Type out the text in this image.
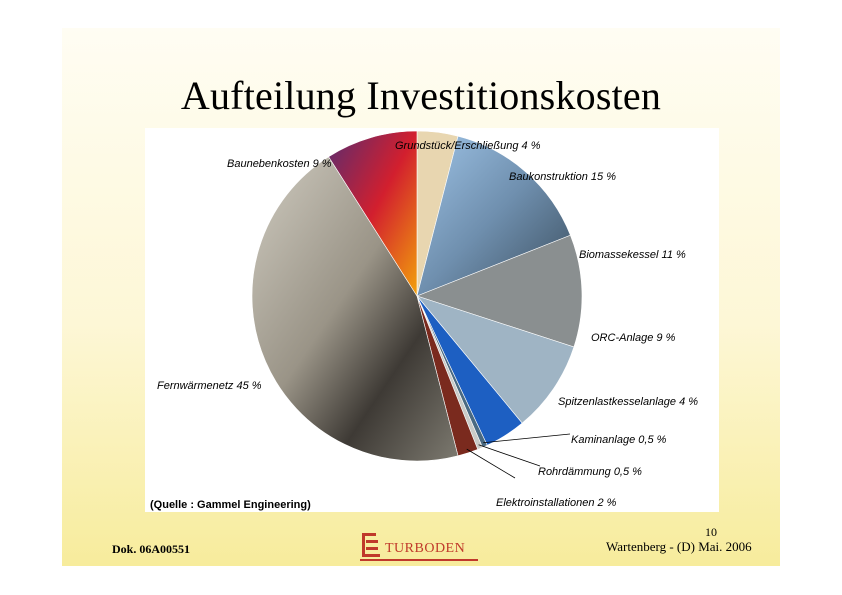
Aufteilung Investitionskosten
Grundstück/Erschließung 4 %
Baukonstruktion 15 %
Biomassekessel 11 %
ORC-Anlage 9 %
Spitzenlastkesselanlage 4 %
Kaminanlage 0,5 %
Rohrdämmung 0,5 %
Elektroinstallationen 2 %
Fernwärmenetz 45 %
Baunebenkosten 9 %
(Quelle : Gammel Engineering)
Dok. 06A00551	TURBODEN
10
Wartenberg - (D) Mai. 2006
